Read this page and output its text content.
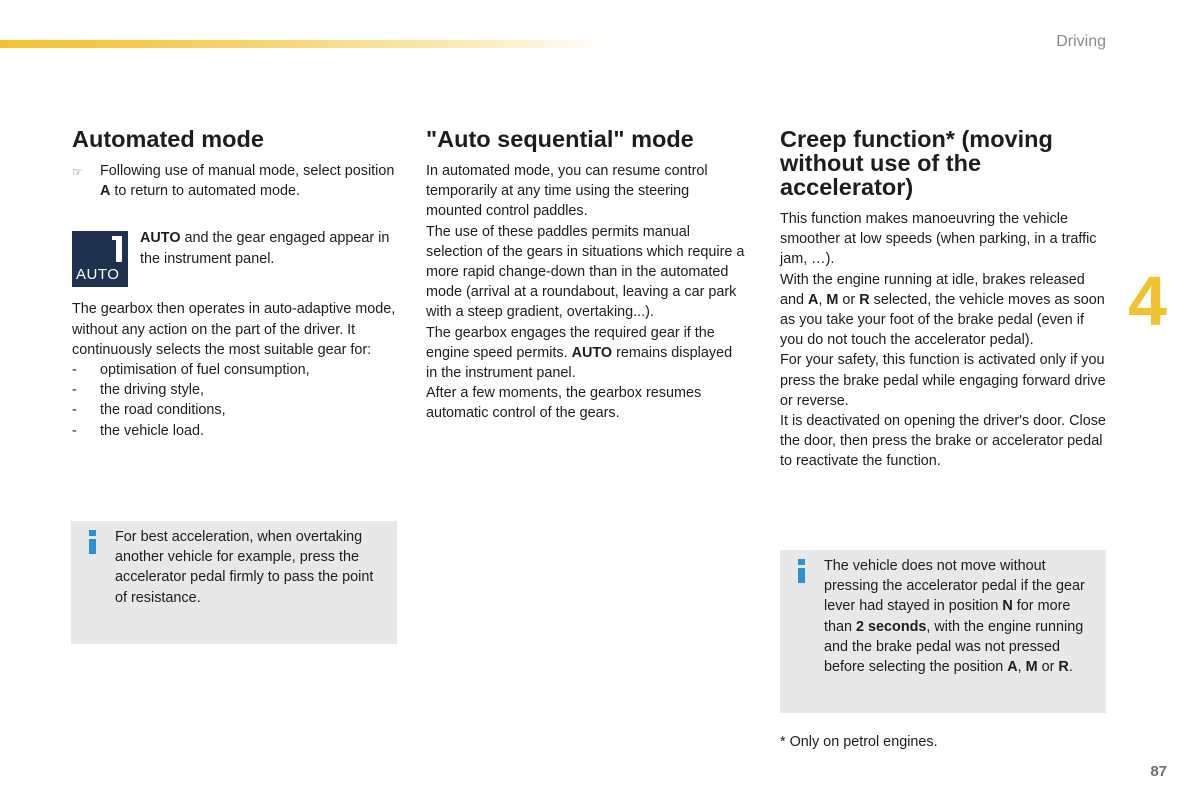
Driving
4
87
Automated mode
☞	Following use of manual mode, select position A to return to automated mode.

AUTO

AUTO and the gear engaged appear in the instrument panel.

The gearbox then operates in auto-adaptive mode, without any action on the part of the driver. It continuously selects the most suitable gear for:

-	optimisation of fuel consumption,
-	the driving style,
-	the road conditions,
-	the vehicle load.

For best acceleration, when overtaking another vehicle for example, press the accelerator pedal firmly to pass the point of resistance.

"Auto sequential" mode

In automated mode, you can resume control temporarily at any time using the steering mounted control paddles.

The use of these paddles permits manual selection of the gears in situations which require a more rapid change-down than in the automated mode (arrival at a roundabout, leaving a car park with a steep gradient, overtaking...).

The gearbox engages the required gear if the engine speed permits. AUTO remains displayed in the instrument panel.

After a few moments, the gearbox resumes automatic control of the gears.

Creep function* (moving without use of the accelerator)

This function makes manoeuvring the vehicle smoother at low speeds (when parking, in a traffic jam, …).

With the engine running at idle, brakes released and A, M or R selected, the vehicle moves as soon as you take your foot of the brake pedal (even if you do not touch the accelerator pedal).

For your safety, this function is activated only if you press the brake pedal while engaging forward drive or reverse.

It is deactivated on opening the driver's door. Close the door, then press the brake or accelerator pedal to reactivate the function.

The vehicle does not move without pressing the accelerator pedal if the gear lever had stayed in position N for more than 2 seconds, with the engine running and the brake pedal was not pressed before selecting the position A, M or R.

* Only on petrol engines.
